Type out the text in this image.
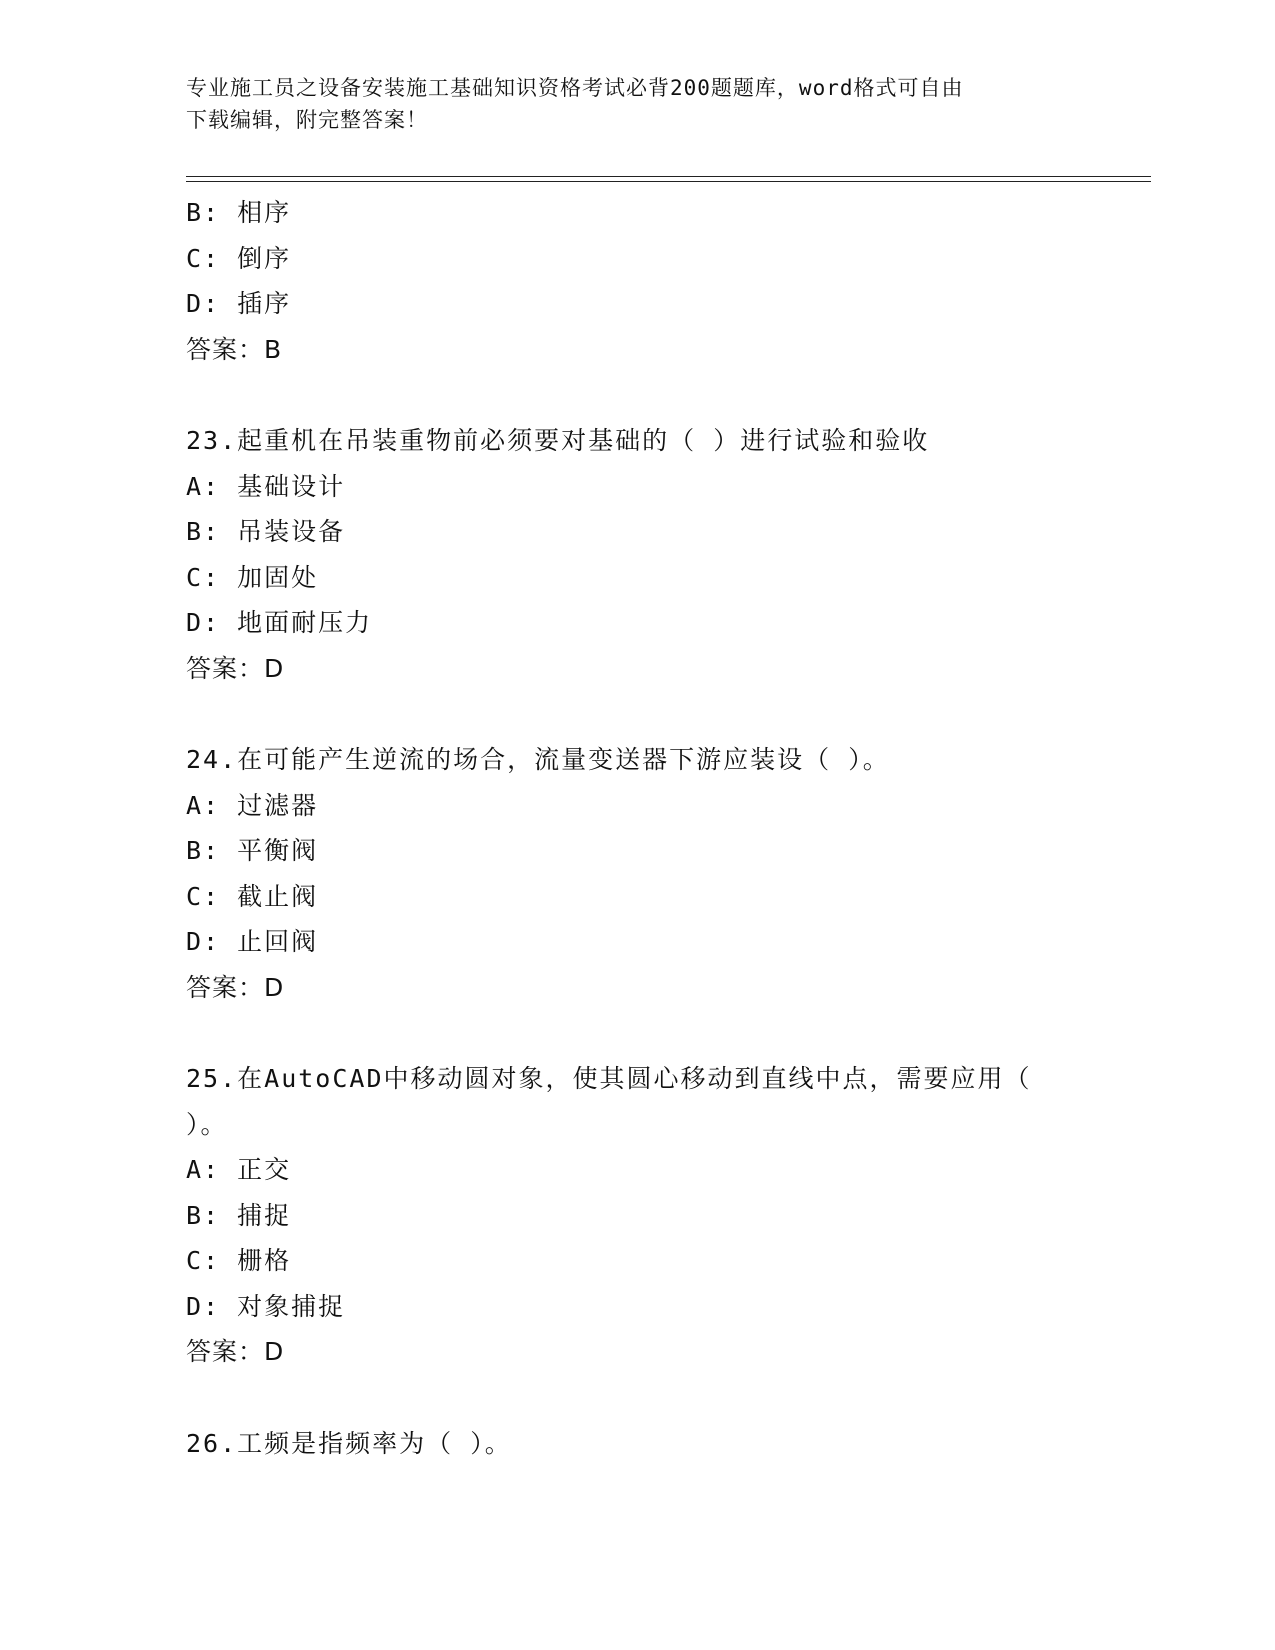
专业施工员之设备安装施工基础知识资格考试必背200题题库，word格式可自由
下载编辑，附完整答案！
B: 相序
C: 倒序
D: 插序
答案：B
23.起重机在吊装重物前必须要对基础的（ ）进行试验和验收
A: 基础设计
B: 吊装设备
C: 加固处
D: 地面耐压力
答案：D
24.在可能产生逆流的场合，流量变送器下游应装设（ ）。
A: 过滤器
B: 平衡阀
C: 截止阀
D: 止回阀
答案：D
25.在AutoCAD中移动圆对象，使其圆心移动到直线中点，需要应用（
）。
A: 正交
B: 捕捉
C: 栅格
D: 对象捕捉
答案：D
26.工频是指频率为（ ）。
